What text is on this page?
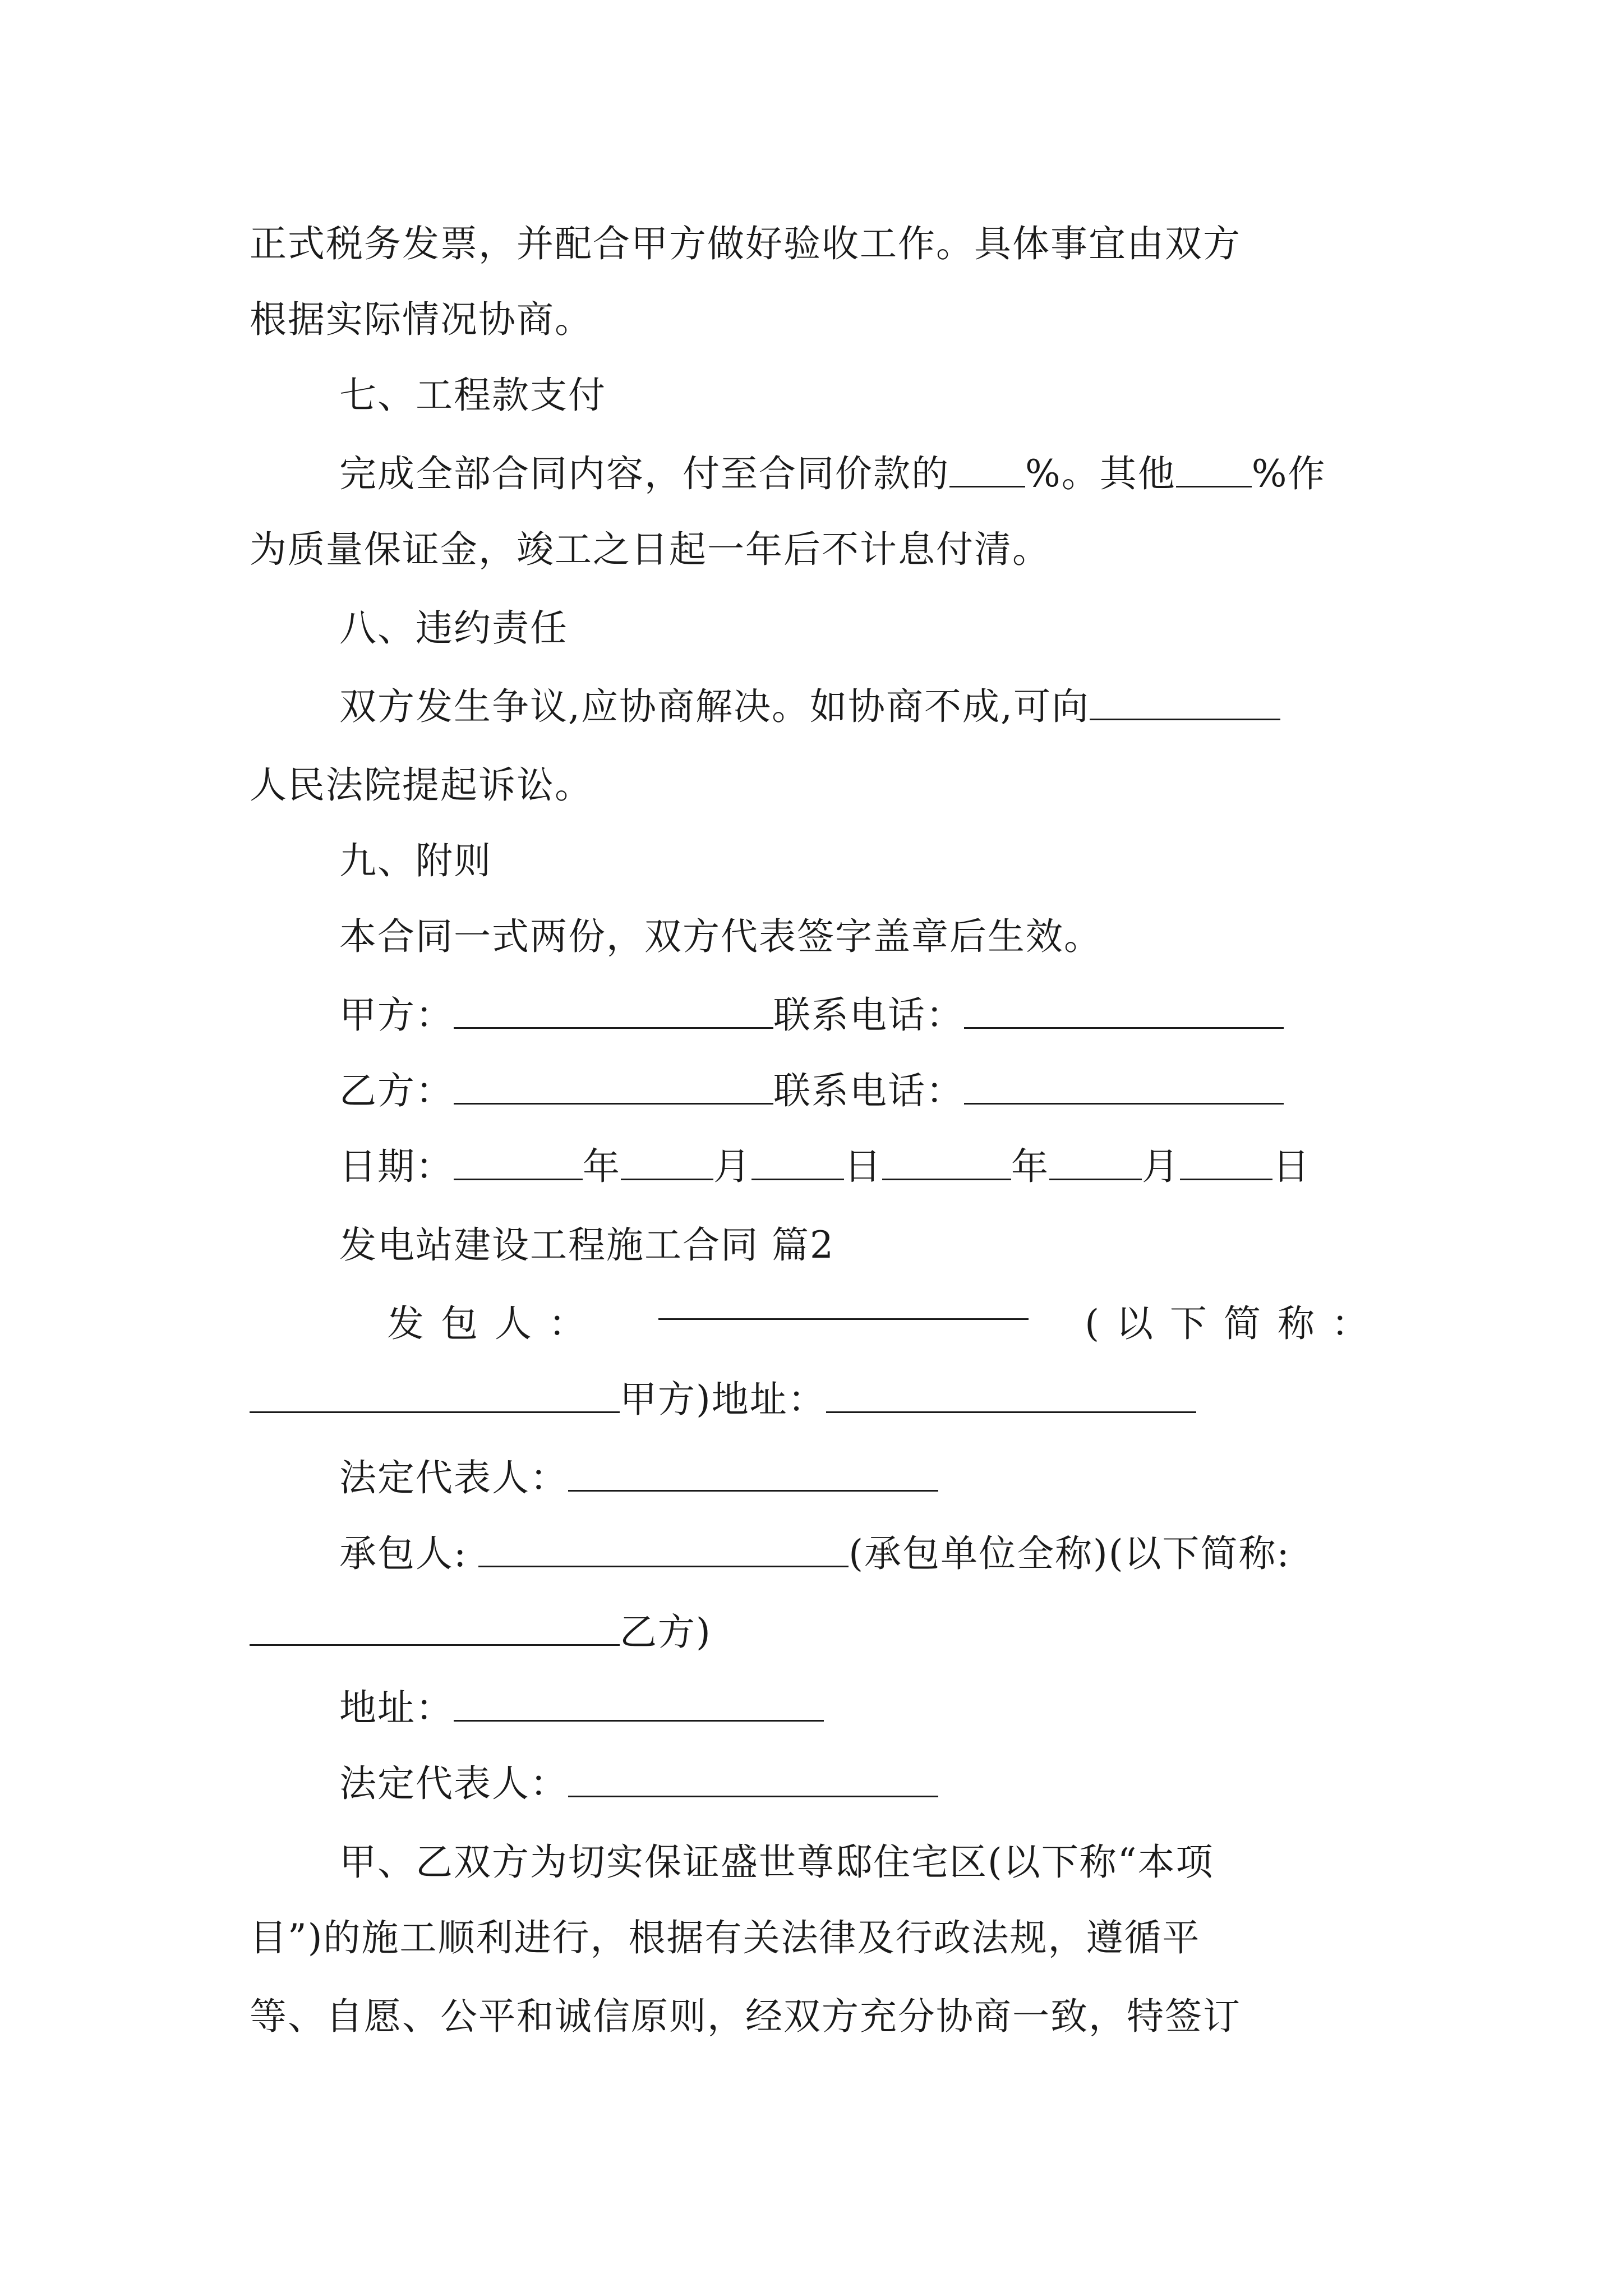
正式税务发票，并配合甲方做好验收工作。具体事宜由双方
根据实际情况协商。
七、工程款支付
完成全部合同内容，付至合同价款的 %。其他 %作
为质量保证金，竣工之日起一年后不计息付清。
八、违约责任
双方发生争议,应协商解决。如协商不成,可向
人民法院提起诉讼。
九、附则
本合同一式两份，双方代表签字盖章后生效。
甲方：	联系电话：
乙方：	联系电话：
日期：	年	月	日	年	月	日
发电站建设工程施工合同 篇2
发包人：	(以下简称：
甲方)地址：
法定代表人：
承包人:	(承包单位全称)(以下简称:
乙方)
地址：
法定代表人：
甲、乙双方为切实保证盛世尊邸住宅区(以下称“本项
目”)的施工顺利进行，根据有关法律及行政法规，遵循平
等、自愿、公平和诚信原则，经双方充分协商一致，特签订
